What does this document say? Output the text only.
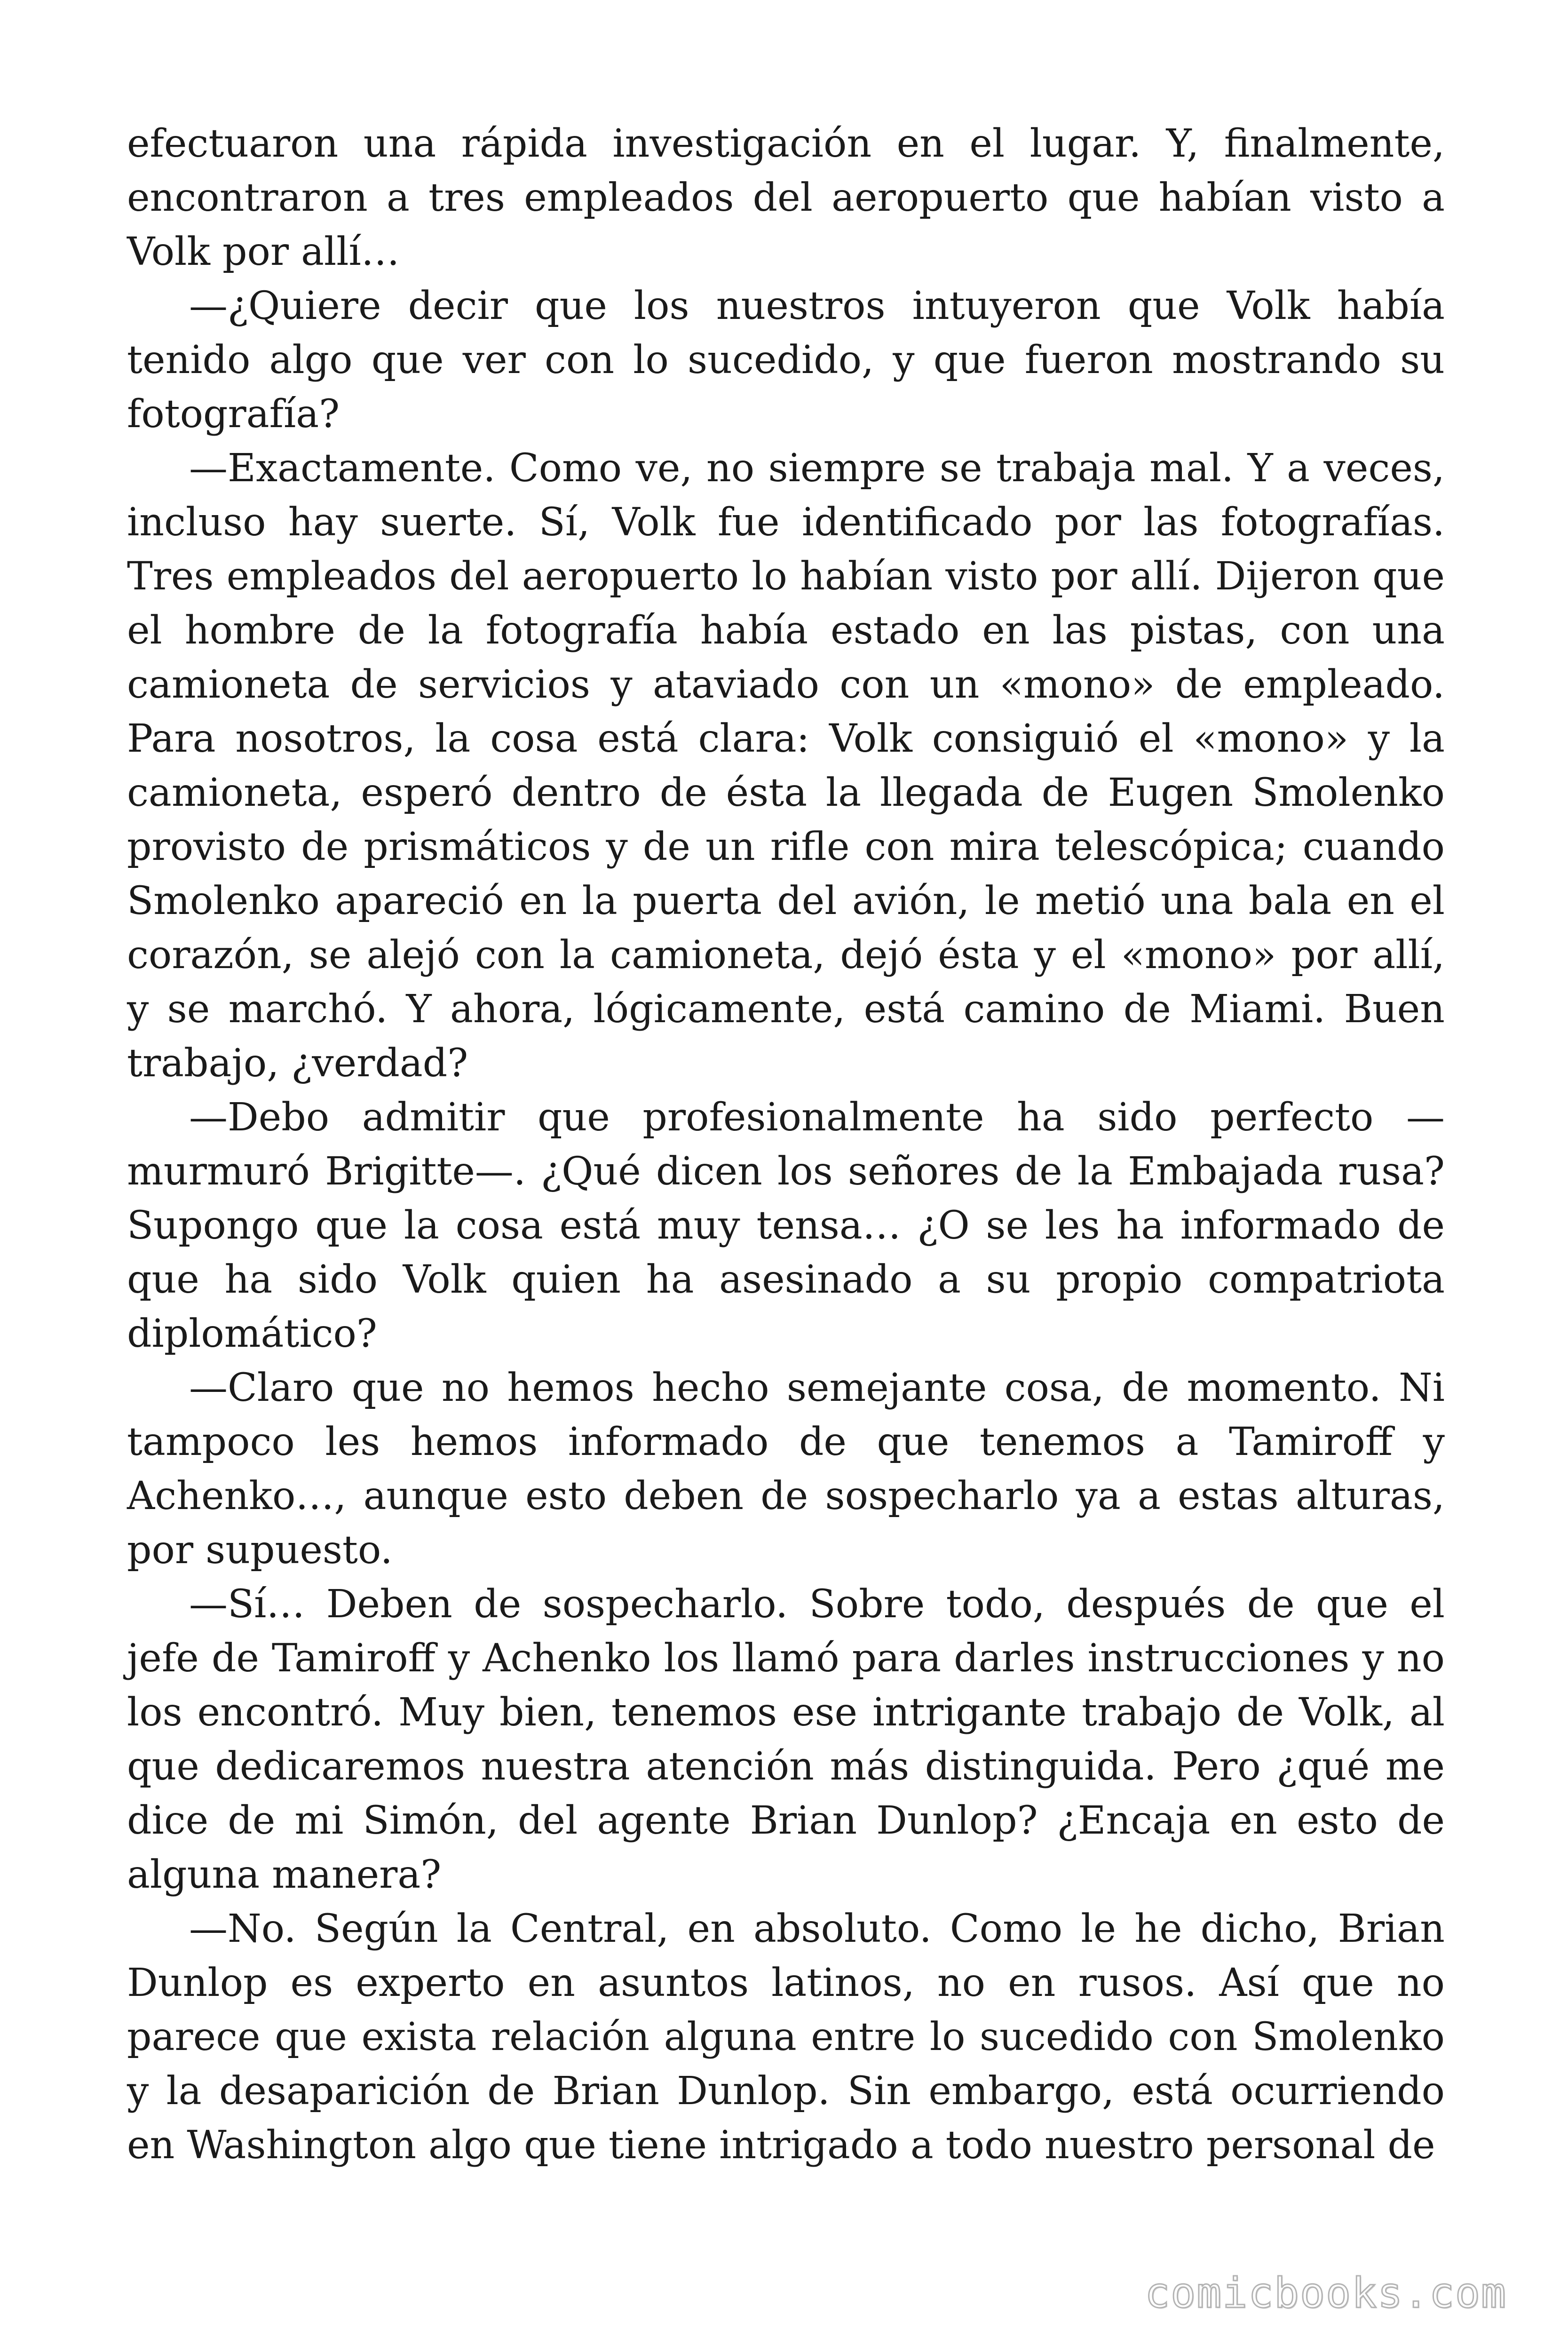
efectuaron una rápida investigación en el lugar. Y, finalmente, encontraron a tres empleados del aeropuerto que habían visto a Volk por allí…

—¿Quiere decir que los nuestros intuyeron que Volk había tenido algo que ver con lo sucedido, y que fueron mostrando su fotografía?

—Exactamente. Como ve, no siempre se trabaja mal. Y a veces, incluso hay suerte. Sí, Volk fue identificado por las fotografías. Tres empleados del aeropuerto lo habían visto por allí. Dijeron que el hombre de la fotografía había estado en las pistas, con una camioneta de servicios y ataviado con un «mono» de empleado. Para nosotros, la cosa está clara: Volk consiguió el «mono» y la camioneta, esperó dentro de ésta la llegada de Eugen Smolenko provisto de prismáticos y de un rifle con mira telescópica; cuando Smolenko apareció en la puerta del avión, le metió una bala en el corazón, se alejó con la camioneta, dejó ésta y el «mono» por allí, y se marchó. Y ahora, lógicamente, está camino de Miami. Buen trabajo, ¿verdad?

—Debo admitir que profesionalmente ha sido perfecto —murmuró Brigitte—. ¿Qué dicen los señores de la Embajada rusa? Supongo que la cosa está muy tensa… ¿O se les ha informado de que ha sido Volk quien ha asesinado a su propio compatriota diplomático?

—Claro que no hemos hecho semejante cosa, de momento. Ni tampoco les hemos informado de que tenemos a Tamiroff y Achenko…, aunque esto deben de sospecharlo ya a estas alturas, por supuesto.

—Sí… Deben de sospecharlo. Sobre todo, después de que el jefe de Tamiroff y Achenko los llamó para darles instrucciones y no los encontró. Muy bien, tenemos ese intrigante trabajo de Volk, al que dedicaremos nuestra atención más distinguida. Pero ¿qué me dice de mi Simón, del agente Brian Dunlop? ¿Encaja en esto de alguna manera?

—No. Según la Central, en absoluto. Como le he dicho, Brian Dunlop es experto en asuntos latinos, no en rusos. Así que no parece que exista relación alguna entre lo sucedido con Smolenko y la desaparición de Brian Dunlop. Sin embargo, está ocurriendo en Washington algo que tiene intrigado a todo nuestro personal de

comicbooks.com
